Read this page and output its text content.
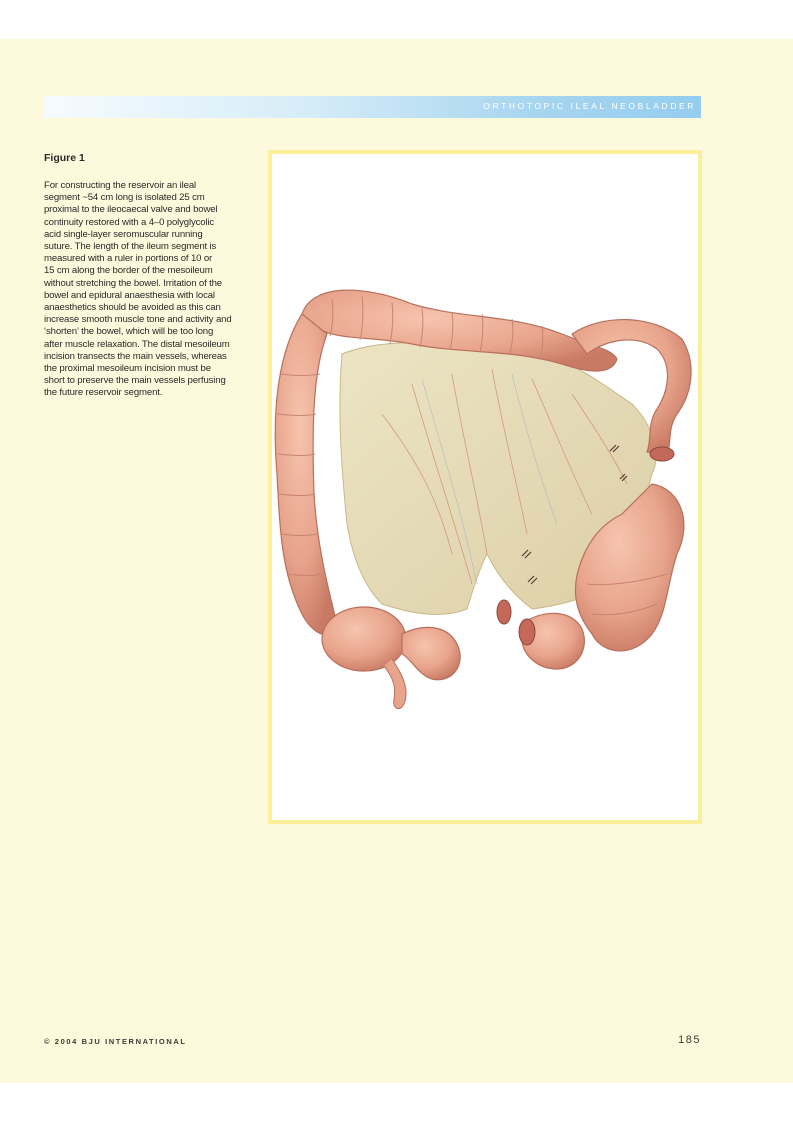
ORTHOTOPIC ILEAL NEOBLADDER
Figure 1
For constructing the reservoir an ileal
segment ~54 cm long is isolated 25 cm
proximal to the ileocaecal valve and bowel
continuity restored with a 4–0 polyglycolic
acid single-layer seromuscular running
suture. The length of the ileum segment is
measured with a ruler in portions of 10 or
15 cm along the border of the mesoileum
without stretching the bowel. Irritation of the
bowel and epidural anaesthesia with local
anaesthetics should be avoided as this can
increase smooth muscle tone and activity and
‘shorten’ the bowel, which will be too long
after muscle relaxation. The distal mesoileum
incision transects the main vessels, whereas
the proximal mesoileum incision must be
short to preserve the main vessels perfusing
the future reservoir segment.
© 2004 BJU INTERNATIONAL	185
